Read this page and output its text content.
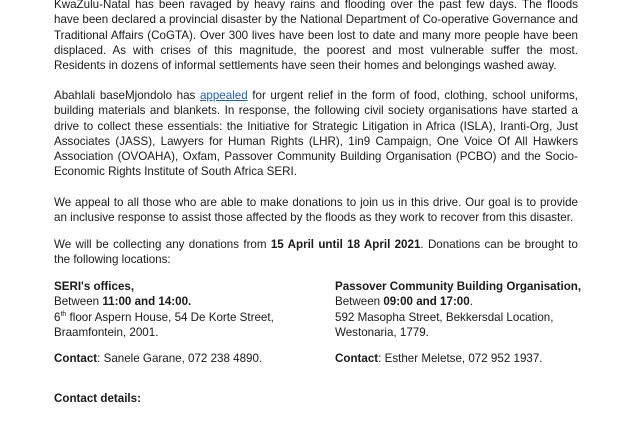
KwaZulu-Natal has been ravaged by heavy rains and flooding over the past few days. The floods have been declared a provincial disaster by the National Department of Co-operative Governance and Traditional Affairs (CoGTA). Over 300 lives have been lost to date and many more people have been displaced. As with crises of this magnitude, the poorest and most vulnerable suffer the most. Residents in dozens of informal settlements have seen their homes and belongings washed away.

Abahlali baseMjondolo has appealed for urgent relief in the form of food, clothing, school uniforms, building materials and blankets. In response, the following civil society organisations have started a drive to collect these essentials: the Initiative for Strategic Litigation in Africa (ISLA), Iranti-Org, Just Associates (JASS), Lawyers for Human Rights (LHR), 1in9 Campaign, One Voice Of All Hawkers Association (OVOAHA), Oxfam, Passover Community Building Organisation (PCBO) and the Socio-Economic Rights Institute of South Africa SERI.

We appeal to all those who are able to make donations to join us in this drive. Our goal is to provide an inclusive response to assist those affected by the floods as they work to recover from this disaster.

We will be collecting any donations from 15 April until 18 April 2021. Donations can be brought to the following locations:

SERI's offices,
Between 11:00 and 14:00.
6th floor Aspern House, 54 De Korte Street,
Braamfontein, 2001.
Contact: Sanele Garane, 072 238 4890.
Passover Community Building Organisation,
Between 09:00 and 17:00.
592 Masopha Street, Bekkersdal Location,
Westonaria, 1779.
Contact: Esther Meletse, 072 952 1937.
Contact details:
